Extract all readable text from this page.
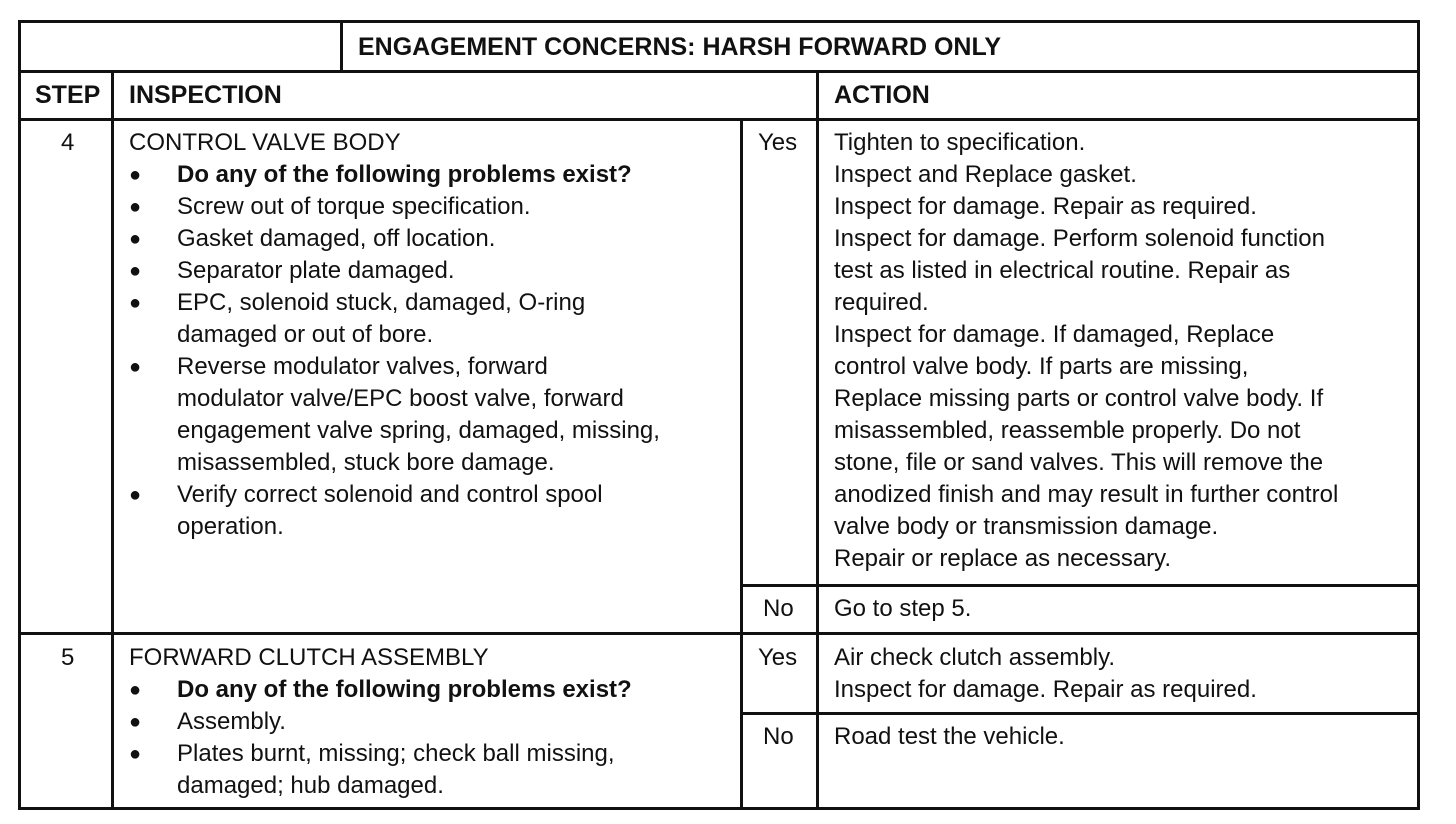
ENGAGEMENT CONCERNS: HARSH FORWARD ONLY
STEP INSPECTION	ACTION
4 CONTROL VALVE BODY
● Do any of the following problems exist?
● Screw out of torque specification.
● Gasket damaged, off location.
● Separator plate damaged.
● EPC, solenoid stuck, damaged, O-ring
damaged or out of bore.
● Reverse modulator valves, forward
modulator valve/EPC boost valve, forward
engagement valve spring, damaged, missing,
misassembled, stuck bore damage.
● Verify correct solenoid and control spool
operation.
Yes Tighten to specification.
Inspect and Replace gasket.
Inspect for damage. Repair as required.
Inspect for damage. Perform solenoid function
test as listed in electrical routine. Repair as
required.
Inspect for damage. If damaged, Replace
control valve body. If parts are missing,
Replace missing parts or control valve body. If
misassembled, reassemble properly. Do not
stone, file or sand valves. This will remove the
anodized finish and may result in further control
valve body or transmission damage.
Repair or replace as necessary.
No Go to step 5.
5 FORWARD CLUTCH ASSEMBLY
● Do any of the following problems exist?
● Assembly.
● Plates burnt, missing; check ball missing,
damaged; hub damaged.
Yes Air check clutch assembly.
Inspect for damage. Repair as required.
No Road test the vehicle.
